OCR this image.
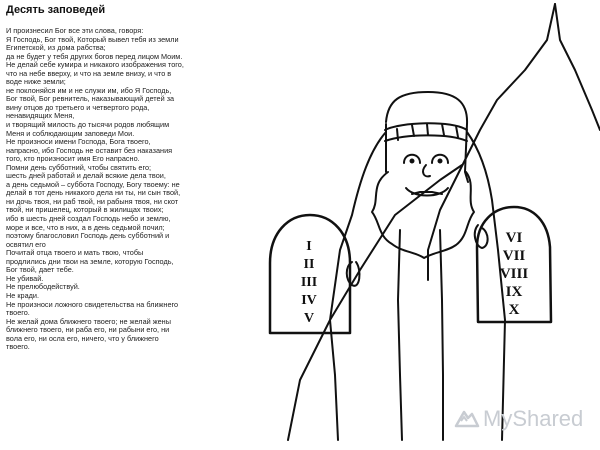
Десять заповедей
И произнесил Бог все эти слова, говоря:
Я Господь, Бог твой, Который вывел тебя из земли
Египетской, из дома рабства;
да не будет у тебя других богов перед лицом Моим.
Не делай себе кумира и никакого изображения того,
что на небе вверху, и что на земле внизу, и что в
воде ниже земли;
не поклоняйся им и не служи им, ибо Я Господь,
Бог твой, Бог ревнитель, наказывающий детей за
вину отцов до третьего и четвертого рода,
ненавидящих Меня,
и творящий милость до тысячи родов любящим
Меня и соблюдающим заповеди Мои.
Не произноси имени Господа, Бога твоего,
напрасно, ибо Господь не оставит без наказания
того, кто произносит имя Его напрасно.
Помни день субботний, чтобы святить его;
шесть дней работай и делай всякие дела твои,
а день седьмой – суббота Господу, Богу твоему: не
делай в тот день никакого дела ни ты, ни сын твой,
ни дочь твоя, ни раб твой, ни рабыня твоя, ни скот
твой, ни пришелец, который в жилищах твоих;
ибо в шесть дней создал Господь небо и землю,
море и все, что в них, а в день седьмой почил;
поэтому благословил Господь день субботний и
освятил его
Почитай отца твоего и мать твою, чтобы
продлились дни твои на земле, которую Господь,
Бог твой, дает тебе.
Не убивай.
Не прелюбодействуй.
Не кради.
Не произноси ложного свидетельства на ближнего
твоего.
Не желай дома ближнего твоего; не желай жены
ближнего твоего, ни раба его, ни рабыни его, ни
вола его, ни осла его, ничего, что у ближнего
твоего.
I
II
III
IV
V
VI
VII
VIII
IX
X
MyShared
